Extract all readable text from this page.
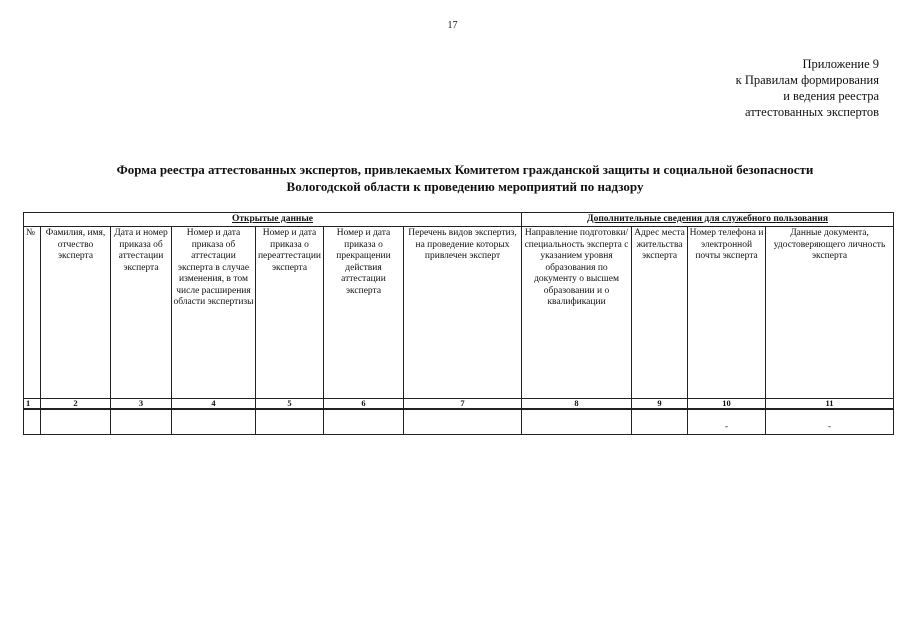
17
Приложение 9
к Правилам формирования
и ведения реестра
аттестованных экспертов
Форма реестра аттестованных экспертов, привлекаемых Комитетом гражданской защиты и социальной безопасности
Вологодской области к проведению мероприятий по надзору
Открытые данные							Дополнительные сведения для служебного пользования			
№	Фамилия, имя, отчество эксперта	Дата и номер приказа об аттестации эксперта	Номер и дата приказа об аттестации эксперта в случае изменения, в том числе расширения области экспертизы	Номер и дата приказа о переаттестации эксперта	Номер и дата приказа о прекращении действия аттестации эксперта	Перечень видов экспертиз, на проведение которых привлечен эксперт	Направление подготовки/специальность эксперта с указанием уровня образования по документу о высшем образовании и о квалификации	Адрес места жительства эксперта	Номер телефона и электронной почты эксперта	Данные документа, удостоверяющего личность эксперта
1	2	3	4	5	6	7	8	9	10	11
									-	-
